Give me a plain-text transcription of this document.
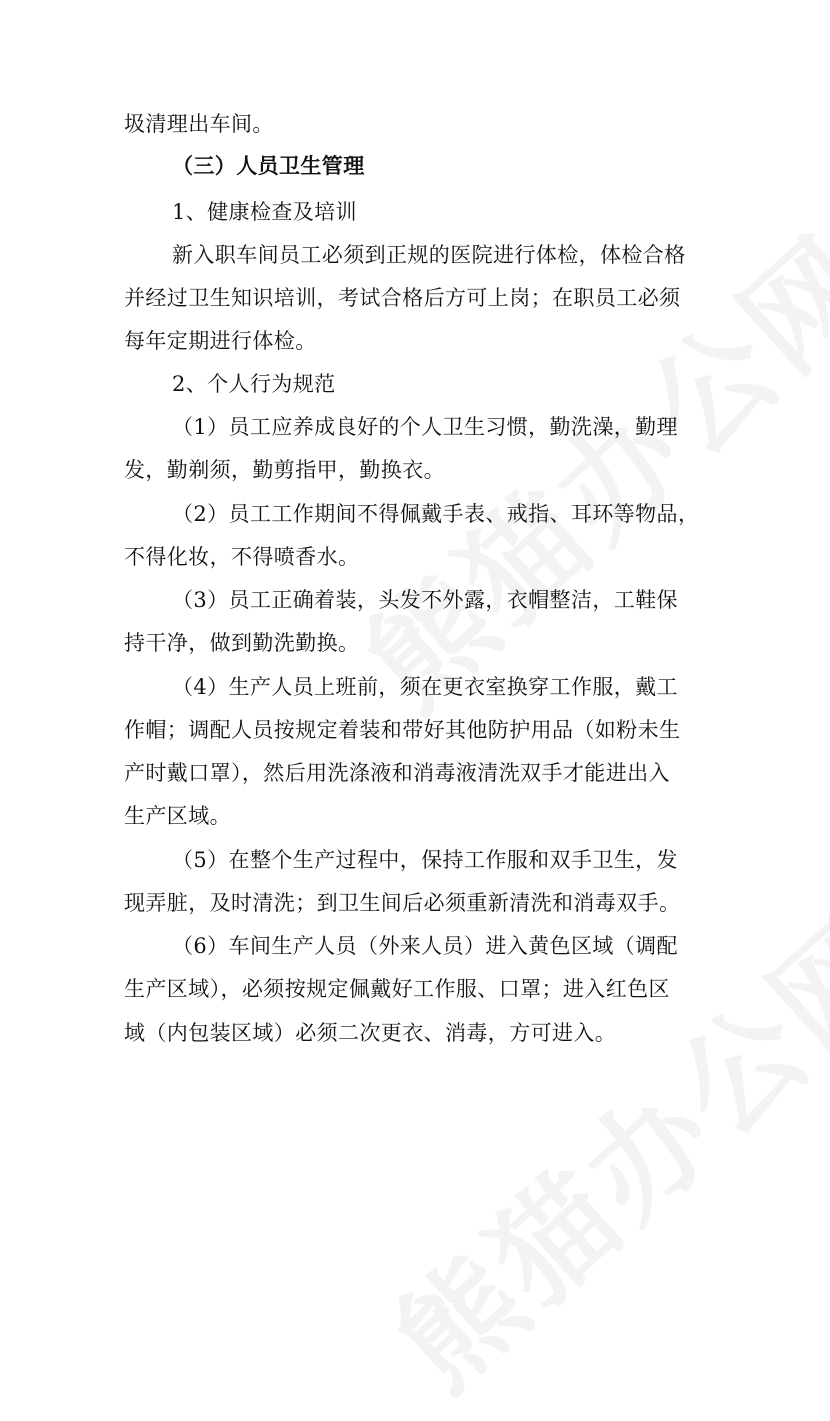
圾清理出车间。
（三）人员卫生管理
1、健康检查及培训
新入职车间员工必须到正规的医院进行体检，体检合格
并经过卫生知识培训，考试合格后方可上岗；在职员工必须
每年定期进行体检。
2、个人行为规范
（1）员工应养成良好的个人卫生习惯，勤洗澡，勤理
发，勤剃须，勤剪指甲，勤换衣。
（2）员工工作期间不得佩戴手表、戒指、耳环等物品，
不得化妆，不得喷香水。
（3）员工正确着装，头发不外露，衣帽整洁，工鞋保
持干净，做到勤洗勤换。
（4）生产人员上班前，须在更衣室换穿工作服，戴工
作帽；调配人员按规定着装和带好其他防护用品（如粉未生
产时戴口罩），然后用洗涤液和消毒液清洗双手才能进出入
生产区域。
（5）在整个生产过程中，保持工作服和双手卫生，发
现弄脏，及时清洗；到卫生间后必须重新清洗和消毒双手。
（6）车间生产人员（外来人员）进入黄色区域（调配
生产区域），必须按规定佩戴好工作服、口罩；进入红色区
域（内包装区域）必须二次更衣、消毒，方可进入。
